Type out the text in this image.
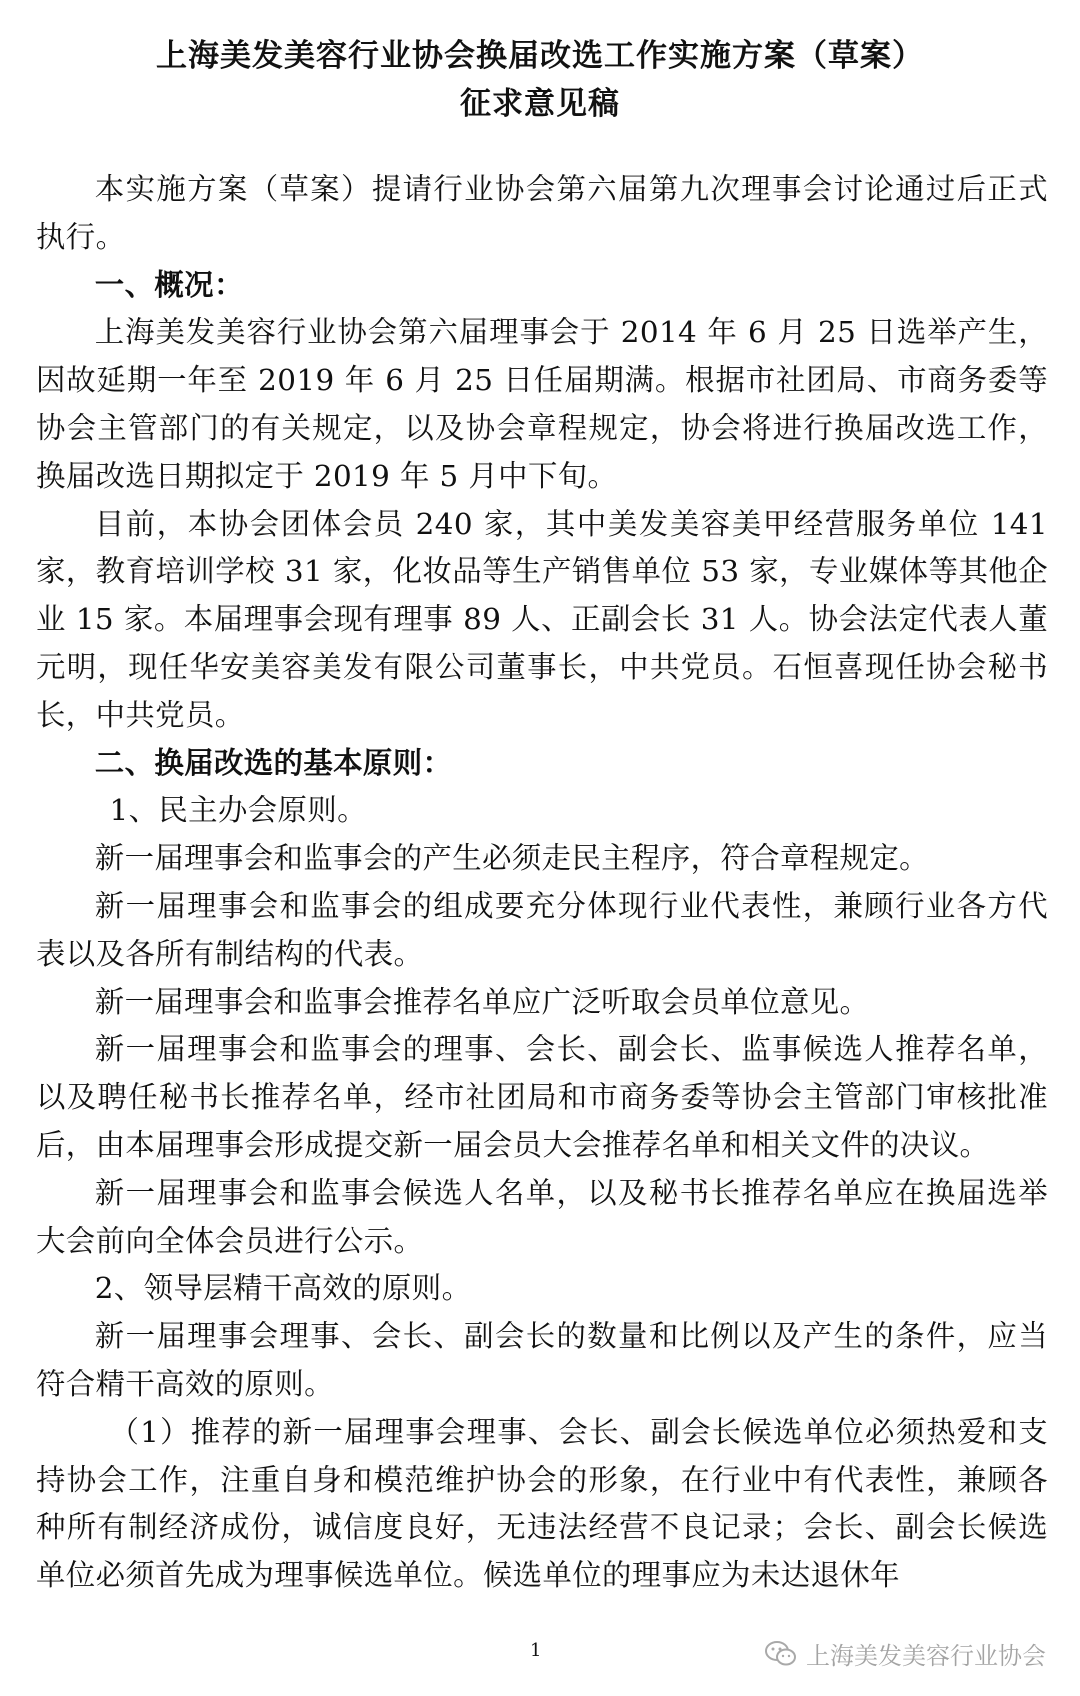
上海美发美容行业协会换届改选工作实施方案（草案）
征求意见稿

本实施方案（草案）提请行业协会第六届第九次理事会讨论通过后正式执行。

一、概况：

上海美发美容行业协会第六届理事会于 2014 年 6 月 25 日选举产生，因故延期一年至 2019 年 6 月 25 日任届期满。根据市社团局、市商务委等协会主管部门的有关规定，以及协会章程规定，协会将进行换届改选工作，换届改选日期拟定于 2019 年 5 月中下旬。

目前，本协会团体会员 240 家，其中美发美容美甲经营服务单位 141 家，教育培训学校 31 家，化妆品等生产销售单位 53 家，专业媒体等其他企业 15 家。本届理事会现有理事 89 人、正副会长 31 人。协会法定代表人董元明，现任华安美容美发有限公司董事长，中共党员。石恒喜现任协会秘书长，中共党员。

二、换届改选的基本原则：

1、民主办会原则。

新一届理事会和监事会的产生必须走民主程序，符合章程规定。

新一届理事会和监事会的组成要充分体现行业代表性，兼顾行业各方代表以及各所有制结构的代表。

新一届理事会和监事会推荐名单应广泛听取会员单位意见。

新一届理事会和监事会的理事、会长、副会长、监事候选人推荐名单，以及聘任秘书长推荐名单，经市社团局和市商务委等协会主管部门审核批准后，由本届理事会形成提交新一届会员大会推荐名单和相关文件的决议。

新一届理事会和监事会候选人名单，以及秘书长推荐名单应在换届选举大会前向全体会员进行公示。

2、领导层精干高效的原则。

新一届理事会理事、会长、副会长的数量和比例以及产生的条件，应当符合精干高效的原则。

（1）推荐的新一届理事会理事、会长、副会长候选单位必须热爱和支持协会工作，注重自身和模范维护协会的形象，在行业中有代表性，兼顾各种所有制经济成份，诚信度良好，无违法经营不良记录；会长、副会长候选单位必须首先成为理事候选单位。候选单位的理事应为未达退休年

1	上海美发美容行业协会
